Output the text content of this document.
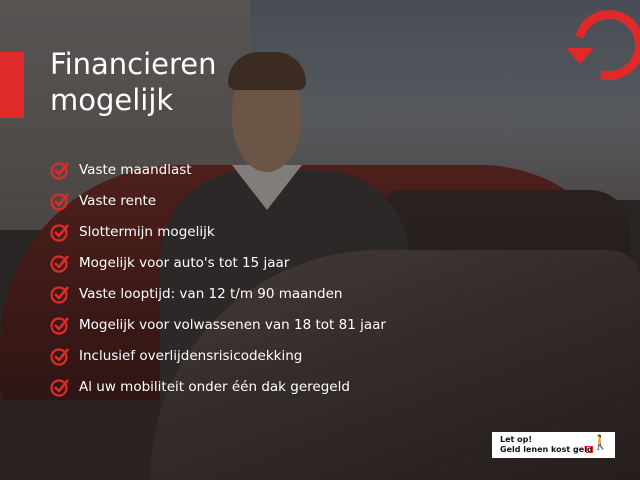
Financieren
mogelijk
Vaste maandlast
Vaste rente
Slottermijn mogelijk
Mogelijk voor auto's tot 15 jaar
Vaste looptijd: van 12 t/m 90 maanden
Mogelijk voor volwassenen van 18 tot 81 jaar
Inclusief overlijdensrisicodekking
Al uw mobiliteit onder één dak geregeld
Let op!
Geld lenen kost geld
🚶
